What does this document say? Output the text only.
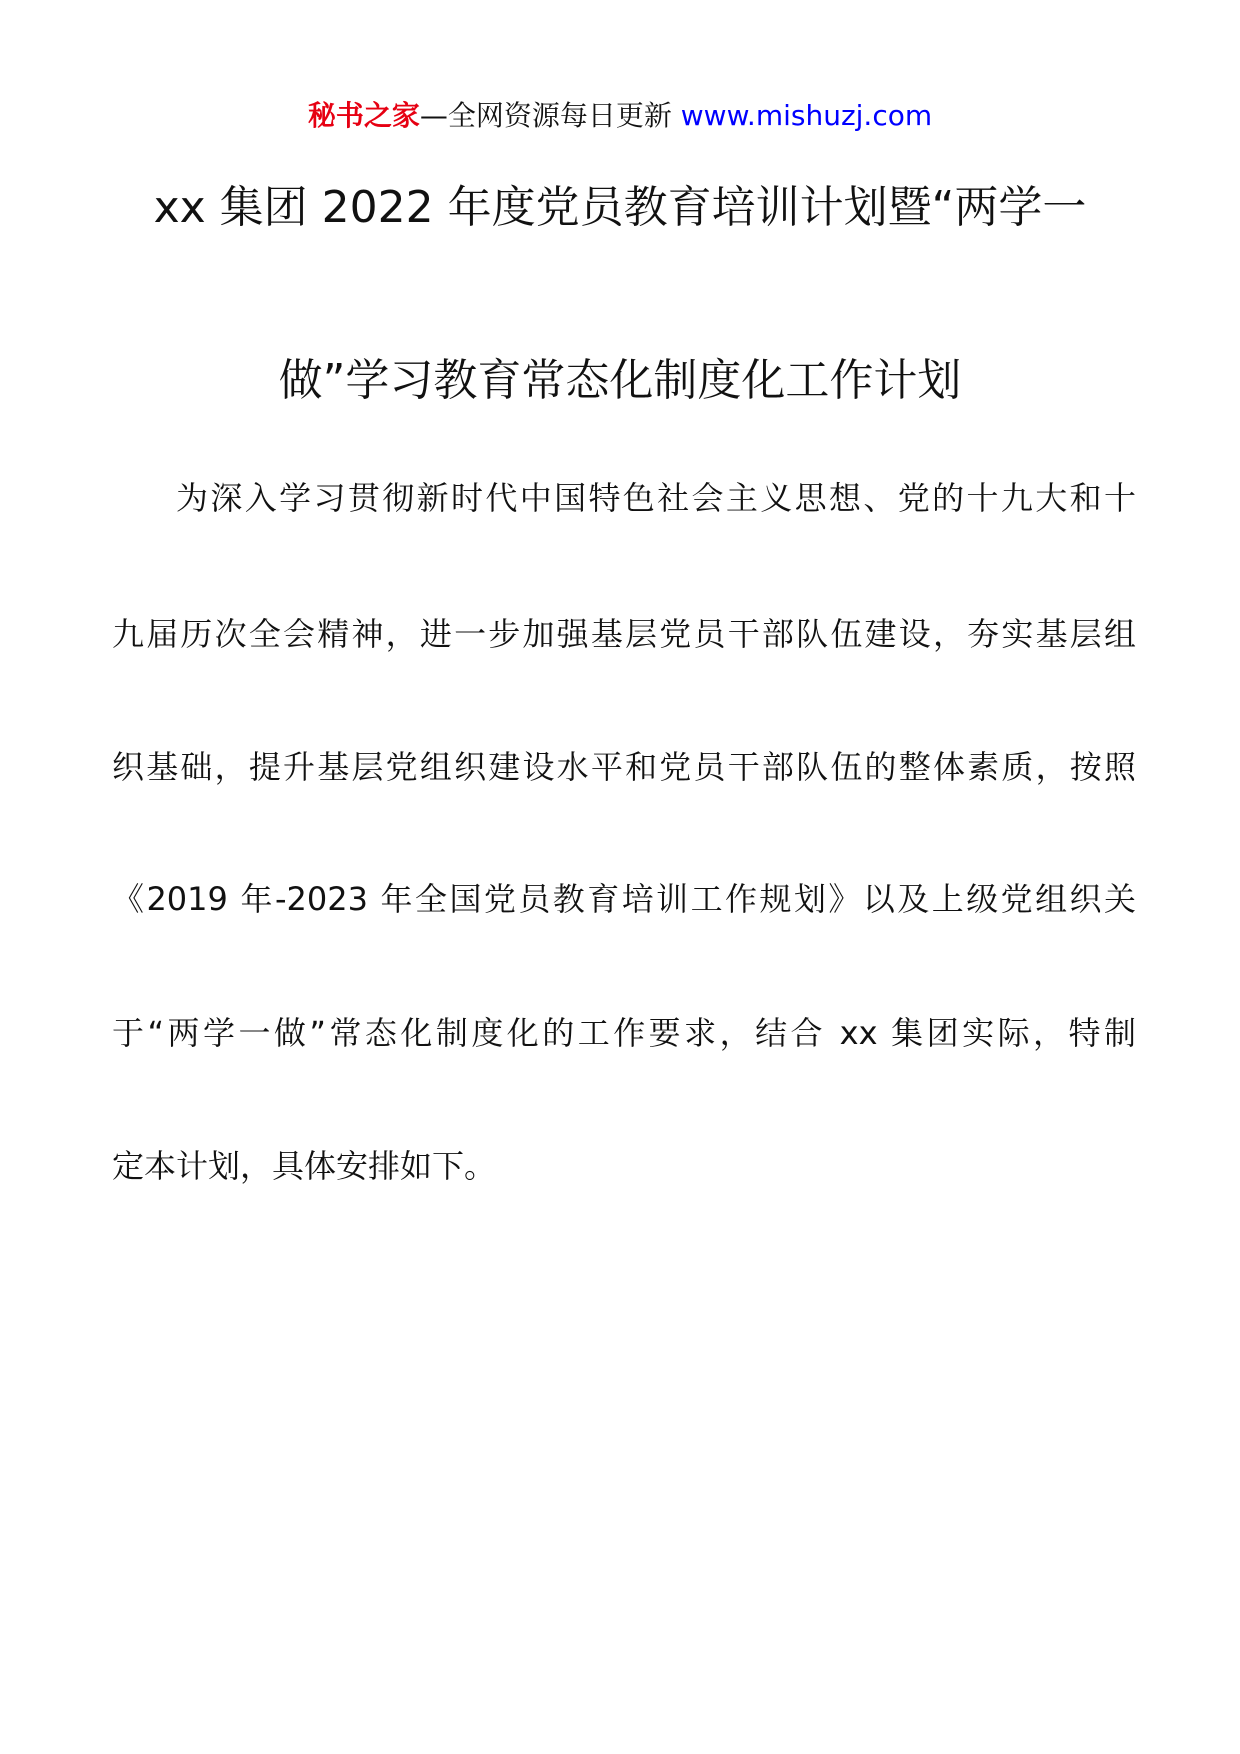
秘书之家—全网资源每日更新 www.mishuzj.com
xx 集团 2022 年度党员教育培训计划暨“两学一
做”学习教育常态化制度化工作计划
为深入学习贯彻新时代中国特色社会主义思想、党的十九大和十
九届历次全会精神，进一步加强基层党员干部队伍建设，夯实基层组
织基础，提升基层党组织建设水平和党员干部队伍的整体素质，按照
《2019 年-2023 年全国党员教育培训工作规划》以及上级党组织关
于“两学一做”常态化制度化的工作要求，结合 xx 集团实际，特制
定本计划，具体安排如下。
